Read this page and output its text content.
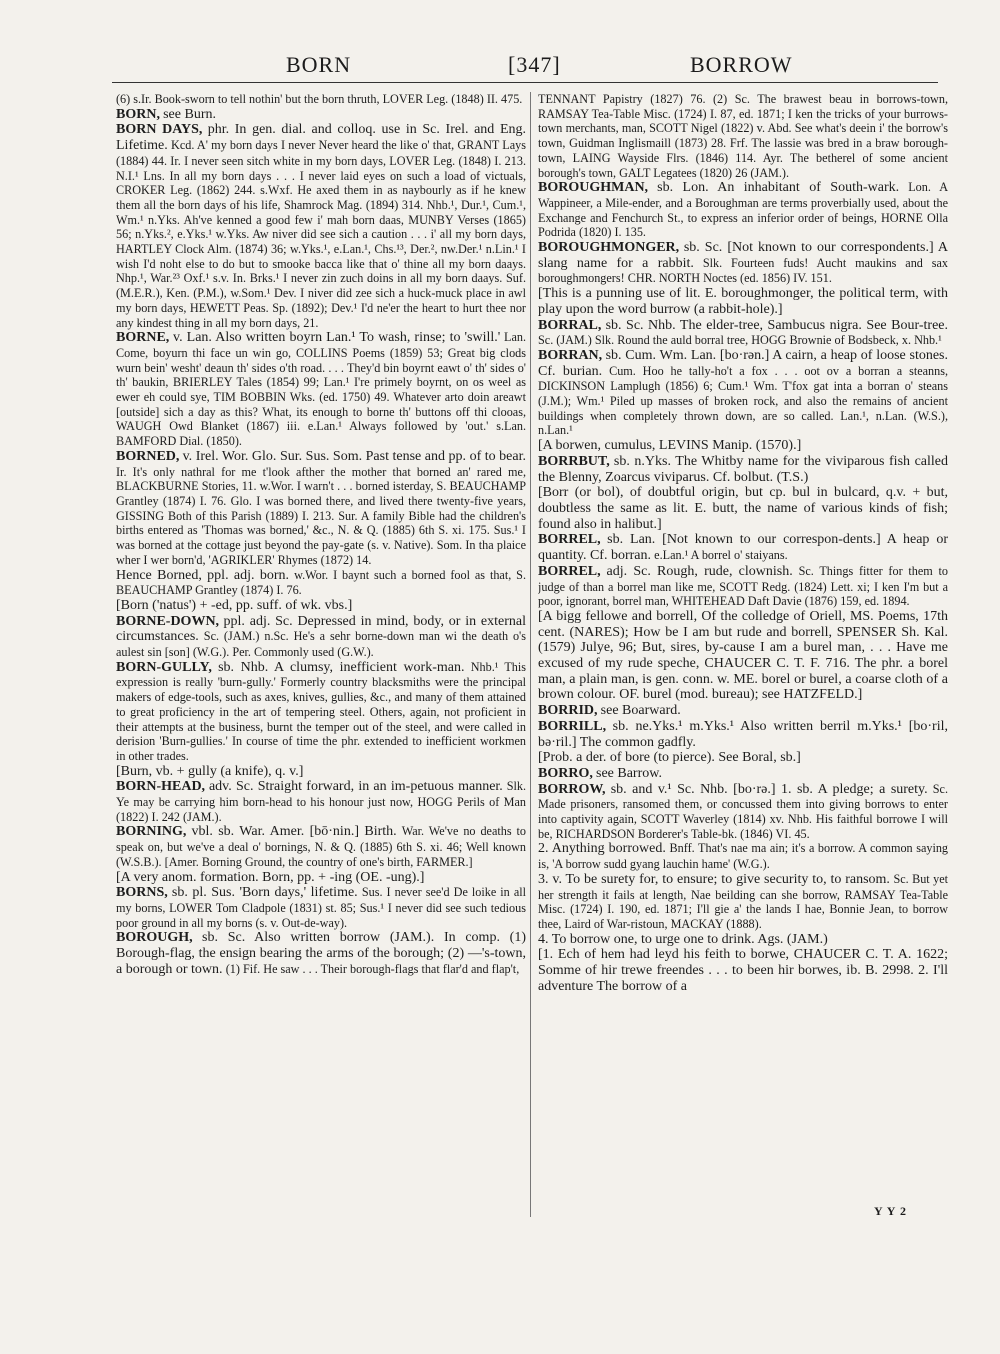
BORN	[347]	BORROW

(6) s.Ir. Book-sworn to tell nothin' but the born thruth, LOVER Leg. (1848) II. 475.

BORN, see Burn.

BORN DAYS, phr. In gen. dial. and colloq. use in Sc. Irel. and Eng. Lifetime. Kcd. A' my born days I never Never heard the like o' that, GRANT Lays (1884) 44. Ir. I never seen sitch white in my born days, LOVER Leg. (1848) I. 213. N.I.¹ Lns. In all my born days . . . I never laid eyes on such a load of victuals, CROKER Leg. (1862) 244. s.Wxf. He axed them in as naybourly as if he knew them all the born days of his life, Shamrock Mag. (1894) 314. Nhb.¹, Dur.¹, Cum.¹, Wm.¹ n.Yks. Ah've kenned a good few i' mah born daas, MUNBY Verses (1865) 56; n.Yks.², e.Yks.¹ w.Yks. Aw niver did see sich a caution . . . i' all my born days, HARTLEY Clock Alm. (1874) 36; w.Yks.¹, e.Lan.¹, Chs.¹³, Der.², nw.Der.¹ n.Lin.¹ I wish I'd noht else to do but to smooke bacca like that o' thine all my born daays. Nhp.¹, War.²³ Oxf.¹ s.v. In. Brks.¹ I never zin zuch doins in all my born daays. Suf. (M.E.R.), Ken. (P.M.), w.Som.¹ Dev. I niver did zee sich a huck-muck place in awl my born days, HEWETT Peas. Sp. (1892); Dev.¹ I'd ne'er the heart to hurt thee nor any kindest thing in all my born days, 21.

BORNE, v. Lan. Also written boyrn Lan.¹ To wash, rinse; to 'swill.' Lan. Come, boyurn thi face un win go, COLLINS Poems (1859) 53; Great big clods wurn bein' wesht' deaun th' sides o'th road. . . . They'd bin boyrnt eawt o' th' sides o' th' baukin, BRIERLEY Tales (1854) 99; Lan.¹ I're primely boyrnt, on os weel as ewer eh could sye, TIM BOBBIN Wks. (ed. 1750) 49. Whatever arto doin areawt [outside] sich a day as this? What, its enough to borne th' buttons off thi clooas, WAUGH Owd Blanket (1867) iii. e.Lan.¹ Always followed by 'out.' s.Lan. BAMFORD Dial. (1850).

BORNED, v. Irel. Wor. Glo. Sur. Sus. Som. Past tense and pp. of to bear. Ir. It's only nathral for me t'look afther the mother that borned an' rared me, BLACKBURNE Stories, 11. w.Wor. I warn't . . . borned isterday, S. BEAUCHAMP Grantley (1874) I. 76. Glo. I was borned there, and lived there twenty-five years, GISSING Both of this Parish (1889) I. 213. Sur. A family Bible had the children's births entered as 'Thomas was borned,' &c., N. & Q. (1885) 6th S. xi. 175. Sus.¹ I was borned at the cottage just beyond the pay-gate (s. v. Native). Som. In tha plaice wher I wer born'd, 'AGRIKLER' Rhymes (1872) 14.

Hence Borned, ppl. adj. born. w.Wor. I baynt such a borned fool as that, S. BEAUCHAMP Grantley (1874) I. 76.

[Born ('natus') + -ed, pp. suff. of wk. vbs.]

BORNE-DOWN, ppl. adj. Sc. Depressed in mind, body, or in external circumstances. Sc. (JAM.) n.Sc. He's a sehr borne-down man wi the death o's aulest sin [son] (W.G.). Per. Commonly used (G.W.).

BORN-GULLY, sb. Nhb. A clumsy, inefficient work-man. Nhb.¹ This expression is really 'burn-gully.' Formerly country blacksmiths were the principal makers of edge-tools, such as axes, knives, gullies, &c., and many of them attained to great proficiency in the art of tempering steel. Others, again, not proficient in their attempts at the business, burnt the temper out of the steel, and were called in derision 'Burn-gullies.' In course of time the phr. extended to inefficient workmen in other trades.

[Burn, vb. + gully (a knife), q. v.]

BORN-HEAD, adv. Sc. Straight forward, in an im-petuous manner. Slk. Ye may be carrying him born-head to his honour just now, HOGG Perils of Man (1822) I. 242 (JAM.).

BORNING, vbl. sb. War. Amer. [bō·nin.] Birth. War. We've no deaths to speak on, but we've a deal o' bornings, N. & Q. (1885) 6th S. xi. 46; Well known (W.S.B.). [Amer. Borning Ground, the country of one's birth, FARMER.]

[A very anom. formation. Born, pp. + -ing (OE. -ung).]

BORNS, sb. pl. Sus. 'Born days,' lifetime. Sus. I never see'd De loike in all my borns, LOWER Tom Cladpole (1831) st. 85; Sus.¹ I never did see such tedious poor ground in all my borns (s. v. Out-de-way).

BOROUGH, sb. Sc. Also written borrow (JAM.). In comp. (1) Borough-flag, the ensign bearing the arms of the borough; (2) —'s-town, a borough or town. (1) Fif. He saw . . . Their borough-flags that flar'd and flap't,

TENNANT Papistry (1827) 76. (2) Sc. The brawest beau in borrows-town, RAMSAY Tea-Table Misc. (1724) I. 87, ed. 1871; I ken the tricks of your burrows-town merchants, man, SCOTT Nigel (1822) v. Abd. See what's deein i' the borrow's town, Guidman Inglismaill (1873) 28. Frf. The lassie was bred in a braw borough-town, LAING Wayside Flrs. (1846) 114. Ayr. The betherel of some ancient borough's town, GALT Legatees (1820) 26 (JAM.).

BOROUGHMAN, sb. Lon. An inhabitant of South-wark. Lon. A Wappineer, a Mile-ender, and a Boroughman are terms proverbially used, about the Exchange and Fenchurch St., to express an inferior order of beings, HORNE Olla Podrida (1820) I. 135.

BOROUGHMONGER, sb. Sc. [Not known to our correspondents.] A slang name for a rabbit. Slk. Fourteen fuds! Aucht maukins and sax boroughmongers! CHR. NORTH Noctes (ed. 1856) IV. 151.

[This is a punning use of lit. E. boroughmonger, the political term, with play upon the word burrow (a rabbit-hole).]

BORRAL, sb. Sc. Nhb. The elder-tree, Sambucus nigra. See Bour-tree. Sc. (JAM.) Slk. Round the auld borral tree, HOGG Brownie of Bodsbeck, x. Nhb.¹

BORRAN, sb. Cum. Wm. Lan. [bo·rən.] A cairn, a heap of loose stones. Cf. burian. Cum. Hoo he tally-ho't a fox . . . oot ov a borran a steanns, DICKINSON Lamplugh (1856) 6; Cum.¹ Wm. T'fox gat inta a borran o' steans (J.M.); Wm.¹ Piled up masses of broken rock, and also the remains of ancient buildings when completely thrown down, are so called. Lan.¹, n.Lan. (W.S.), n.Lan.¹

[A borwen, cumulus, LEVINS Manip. (1570).]

BORRBUT, sb. n.Yks. The Whitby name for the viviparous fish called the Blenny, Zoarcus viviparus. Cf. bolbut. (T.S.)

[Borr (or bol), of doubtful origin, but cp. bul in bulcard, q.v. + but, doubtless the same as lit. E. butt, the name of various kinds of fish; found also in halibut.]

BORREL, sb. Lan. [Not known to our correspon-dents.] A heap or quantity. Cf. borran. e.Lan.¹ A borrel o' staiyans.

BORREL, adj. Sc. Rough, rude, clownish. Sc. Things fitter for them to judge of than a borrel man like me, SCOTT Redg. (1824) Lett. xi; I ken I'm but a poor, ignorant, borrel man, WHITEHEAD Daft Davie (1876) 159, ed. 1894.

[A bigg fellowe and borrell, Of the colledge of Oriell, MS. Poems, 17th cent. (NARES); How be I am but rude and borrell, SPENSER Sh. Kal. (1579) Julye, 96; But, sires, by-cause I am a burel man, . . . Have me excused of my rude speche, CHAUCER C. T. F. 716. The phr. a borel man, a plain man, is gen. conn. w. ME. borel or burel, a coarse cloth of a brown colour. OF. burel (mod. bureau); see HATZFELD.]

BORRID, see Boarward.

BORRILL, sb. ne.Yks.¹ m.Yks.¹ Also written berril m.Yks.¹ [bo·ril, bə·ril.] The common gadfly.

[Prob. a der. of bore (to pierce). See Boral, sb.]

BORRO, see Barrow.

BORROW, sb. and v.¹ Sc. Nhb. [bo·rə.] 1. sb. A pledge; a surety. Sc. Made prisoners, ransomed them, or concussed them into giving borrows to enter into captivity again, SCOTT Waverley (1814) xv. Nhb. His faithful borrowe I will be, RICHARDSON Borderer's Table-bk. (1846) VI. 45.

2. Anything borrowed. Bnff. That's nae ma ain; it's a borrow. A common saying is, 'A borrow sudd gyang lauchin hame' (W.G.).

3. v. To be surety for, to ensure; to give security to, to ransom. Sc. But yet her strength it fails at length, Nae beilding can she borrow, RAMSAY Tea-Table Misc. (1724) I. 190, ed. 1871; I'll gie a' the lands I hae, Bonnie Jean, to borrow thee, Laird of War-ristoun, MACKAY (1888).

4. To borrow one, to urge one to drink. Ags. (JAM.)

[1. Ech of hem had leyd his feith to borwe, CHAUCER C. T. A. 1622; Somme of hir trewe freendes . . . to been hir borwes, ib. B. 2998. 2. I'll adventure The borrow of a

Y Y 2
